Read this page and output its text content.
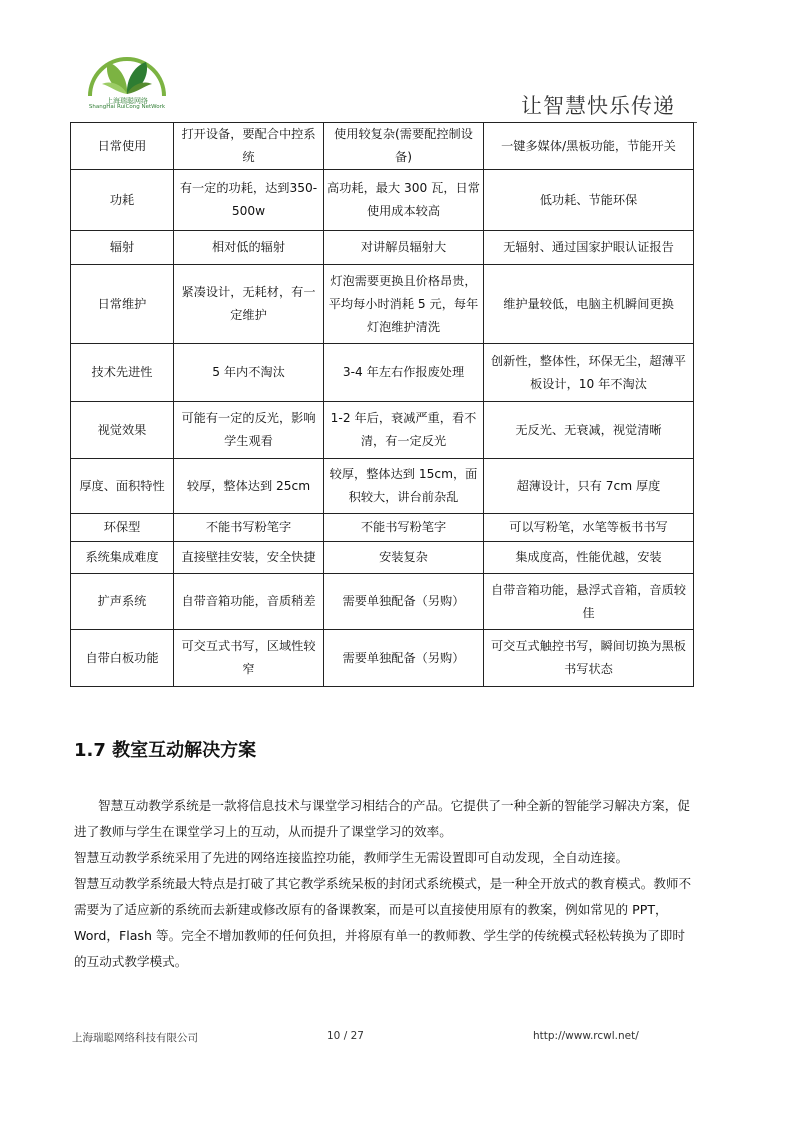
上海瑞聪网络
ShangHai RuiCong NetWork	让智慧快乐传递
日常使用	打开设备，要配合中控系统	使用较复杂(需要配控制设备)	一键多媒体/黑板功能，节能开关
功耗	有一定的功耗，达到350-500w	高功耗，最大 300 瓦，日常使用成本较高	低功耗、节能环保
辐射	相对低的辐射	对讲解员辐射大	无辐射、通过国家护眼认证报告
日常维护	紧凑设计，无耗材，有一定维护	灯泡需要更换且价格昂贵，平均每小时消耗 5 元，每年灯泡维护清洗	维护量较低，电脑主机瞬间更换
技术先进性	5 年内不淘汰	3-4 年左右作报废处理	创新性，整体性，环保无尘，超薄平板设计，10 年不淘汰
视觉效果	可能有一定的反光，影响学生观看	1-2 年后，衰减严重，看不清，有一定反光	无反光、无衰减，视觉清晰
厚度、面积特性	较厚，整体达到 25cm	较厚，整体达到 15cm，面积较大，讲台前杂乱	超薄设计，只有 7cm 厚度
环保型	不能书写粉笔字	不能书写粉笔字	可以写粉笔，水笔等板书书写
系统集成难度	直接壁挂安装，安全快捷	安装复杂	集成度高，性能优越，安装
扩声系统	自带音箱功能，音质稍差	需要单独配备（另购）	自带音箱功能，悬浮式音箱，音质较佳
自带白板功能	可交互式书写，区域性较窄	需要单独配备（另购）	可交互式触控书写，瞬间切换为黑板书写状态
1.7 教室互动解决方案

智慧互动教学系统是一款将信息技术与课堂学习相结合的产品。它提供了一种全新的智能学习解决方案，促进了教师与学生在课堂学习上的互动，从而提升了课堂学习的效率。

智慧互动教学系统采用了先进的网络连接监控功能，教师学生无需设置即可自动发现，全自动连接。

智慧互动教学系统最大特点是打破了其它教学系统呆板的封闭式系统模式，是一种全开放式的教育模式。教师不需要为了适应新的系统而去新建或修改原有的备课教案，而是可以直接使用原有的教案，例如常见的 PPT，Word，Flash 等。完全不增加教师的任何负担，并将原有单一的教师教、学生学的传统模式轻松转换为了即时的互动式教学模式。

上海瑞聪网络科技有限公司	10 / 27	http://www.rcwl.net/
